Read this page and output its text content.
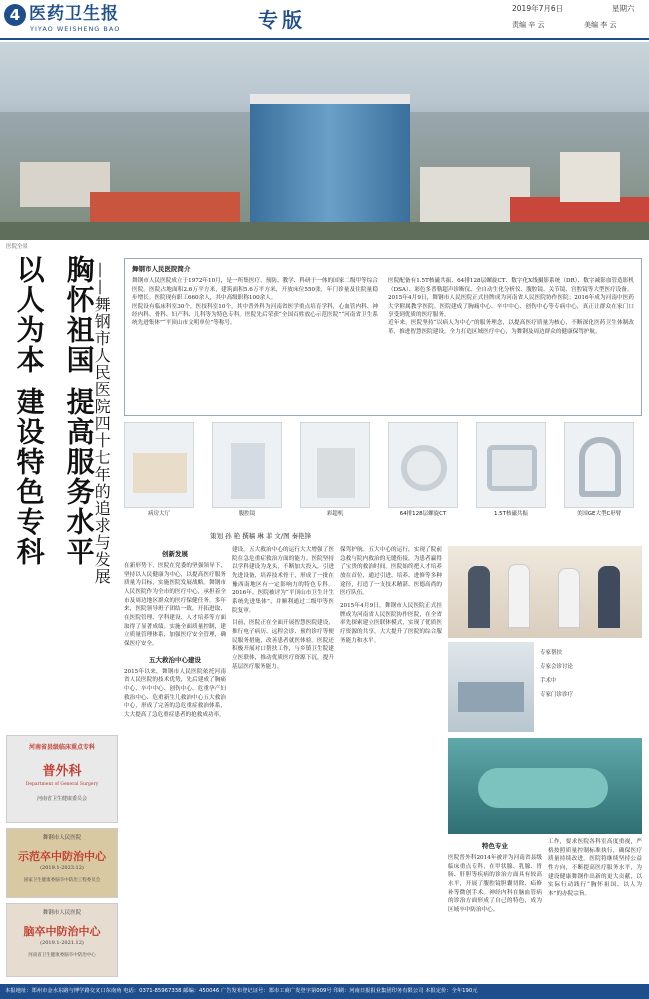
4 医药卫生报
YIYAO WEISHENG BAO	专版	2019年7月6日	星期六
责编 辛 云	美编 李 云
医院全景
胸怀祖国 提高服务水平
以人为本 建设特色专科	——舞钢市人民医院四十七年的追求与发展	舞钢市人民医院简介

舞钢市人民医院成立于1972年10月，是一所集医疗、预防、教学、科研于一体的国家二级甲等综合医院。医院占地面积2.6万平方米，建筑面积5.6万平方米，开放床位550张，年门诊量及住院量稳步增长。医院现有职工660余人，其中高级职称100余人。

医院设有临床科室30个，医技科室10个，其中普外科为河南省医学重点培育学科，心血管内科、神经内科、骨科、妇产科、儿科等为特色专科。医院先后荣获“全国百姓放心示范医院”“河南省卫生系统先进集体”“平顶山市文明单位”等称号。

医院配备有1.5T核磁共振、64排128层螺旋CT、数字化X线摄影系统（DR）、数字减影血管造影机（DSA）、彩色多普勒超声诊断仪、全自动生化分析仪、腹腔镜、关节镜、宫腔镜等大型医疗设备。

2015年4月9日，舞钢市人民医院正式挂牌成为河南省人民医院协作医院；2016年成为河南中医药大学附属教学医院。医院建成了胸痛中心、卒中中心、创伤中心等专病中心，真正让群众在家门口享受到优质的医疗服务。

近年来，医院坚持“以病人为中心”的服务理念，以提高医疗质量为核心，不断深化医药卫生体制改革，推进智慧医院建设，全力打造区域医疗中心，为舞钢及周边群众的健康保驾护航。

病房大厅	腹腔镜	彩超机	64排128层螺旋CT	1.5T核磁共振	美国GE大型C形臂
策划 孙 艳 撰稿 琳 菲 文/图 秦艳锋
河南省县级临床重点专科
普外科
Department of General Surgery
河南省卫生健康委员会
舞钢市人民医院
示范卒中防治中心
(2019.1-2023.12)
国家卫生健康委脑卒中防治工程委员会
舞钢市人民医院
脑卒中防治中心
(2019.1-2021.12)
河南省卫生健康委脑卒中防治中心
创新发展

在新形势下，医院在党委的坚强领导下，坚持以人民健康为中心，以提高医疗服务质量为目标，实施医院发展战略。舞钢市人民医院作为全市的医疗中心，承担着全市及周边地区群众的医疗保健任务。多年来，医院领导班子团结一致，开拓进取，在医院管理、学科建设、人才培养等方面取得了显著成绩。实施全面质量控制，建立质量管理体系，加强医疗安全管理，确保医疗安全。

五大救治中心建设

2015年以来，舞钢市人民医院依托河南省人民医院的技术优势，先后建成了胸痛中心、卒中中心、创伤中心、危重孕产妇救治中心、危重新生儿救治中心五大救治中心，形成了完善的急危重症救治体系，大大提高了急危重症患者的抢救成功率。

建设。五大救治中心的运行大大增强了医院在急危重症救治方面的能力。医院坚持以学科建设为龙头，不断加大投入，引进先进设备，培养技术骨干，形成了一批在豫西南地区有一定影响力的特色专科。2016年，医院被评为“平顶山市卫生计生系统先进集体”，并顺利通过二级甲等医院复审。

目前，医院正在全面开展智慧医院建设，推行电子病历、远程会诊、预约诊疗等便民服务措施，改善患者就医体验。医院还积极开展对口帮扶工作，与乡镇卫生院建立医联体，推动优质医疗资源下沉，提升基层医疗服务能力。

保驾护航。五大中心的运行，实现了院前急救与院内救治的无缝衔接，为患者赢得了宝贵的救治时间。医院始终把人才培养放在首位，通过引进、培养、进修等多种途径，打造了一支技术精湛、医德高尚的医疗队伍。

2015年4月9日，舞钢市人民医院正式挂牌成为河南省人民医院协作医院，在全省率先探索建立医联体模式，实现了优质医疗资源的共享，大大提升了医院的综合服务能力和水平。

专家帮扶
专家会诊讨论
手术中
专家门诊诊疗
特色专业

医院普外科2014年被评为河南省县级临床重点专科，在甲状腺、乳腺、胃肠、肝胆等疾病的诊治方面具有较高水平，开展了腹腔镜胆囊切除、疝修补等微创手术。神经内科在脑血管病的诊治方面形成了自己的特色，成为区域卒中防治中心。

工作，要求医院各科室高度重视，严格按照质量控制标准执行，确保医疗质量持续改进。医院将继续坚持公益性方向，不断提高医疗服务水平，为建设健康舞钢作出新的更大贡献，以实际行动践行“胸怀祖国、以人为本”的办院宗旨。

本报地址：郑州市金水东路与博学路交叉口东南角 电话：0371-85967338 邮编：450046 广告发布登记证号：郑市工商广发登字第009号 印刷：河南日报报业集团印务有限公司 本报定价：全年190元
